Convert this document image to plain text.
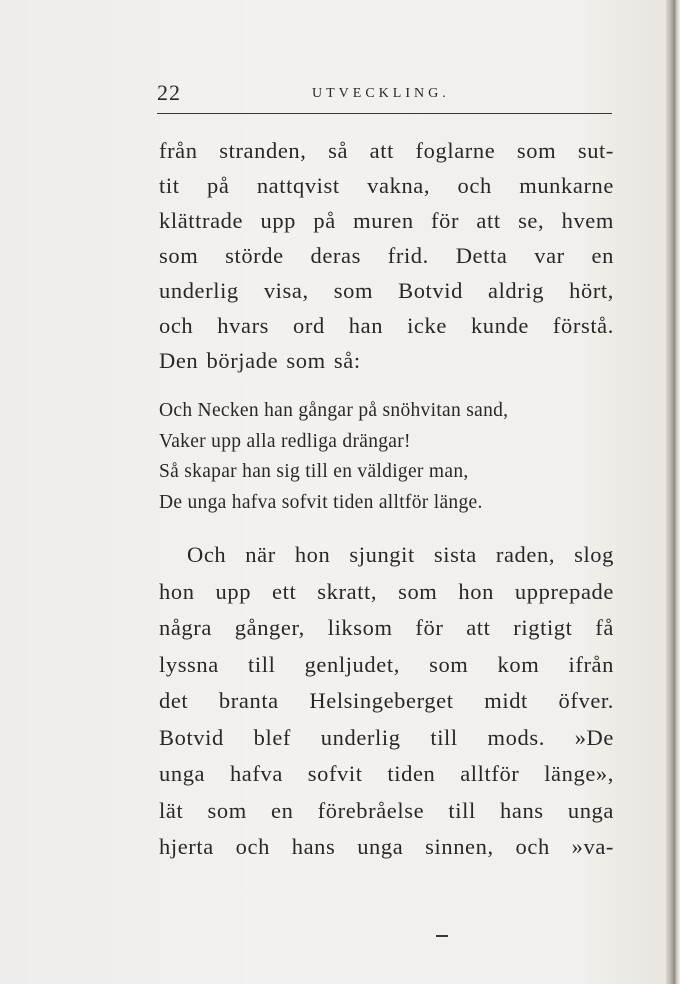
22	UTVECKLING.
från stranden, så att foglarne som sut-
tit på nattqvist vakna, och munkarne
klättrade upp på muren för att se, hvem
som störde deras frid. Detta var en
underlig visa, som Botvid aldrig hört,
och hvars ord han icke kunde förstå.
Den började som så:
Och Necken han gångar på snöhvitan sand,
Vaker upp alla redliga drängar!
Så skapar han sig till en väldiger man,
De unga hafva sofvit tiden alltför länge.
Och när hon sjungit sista raden, slog
hon upp ett skratt, som hon upprepade
några gånger, liksom för att rigtigt få
lyssna till genljudet, som kom ifrån
det branta Helsingeberget midt öfver.
Botvid blef underlig till mods. »De
unga hafva sofvit tiden alltför länge»,
lät som en förebråelse till hans unga
hjerta och hans unga sinnen, och »va-
